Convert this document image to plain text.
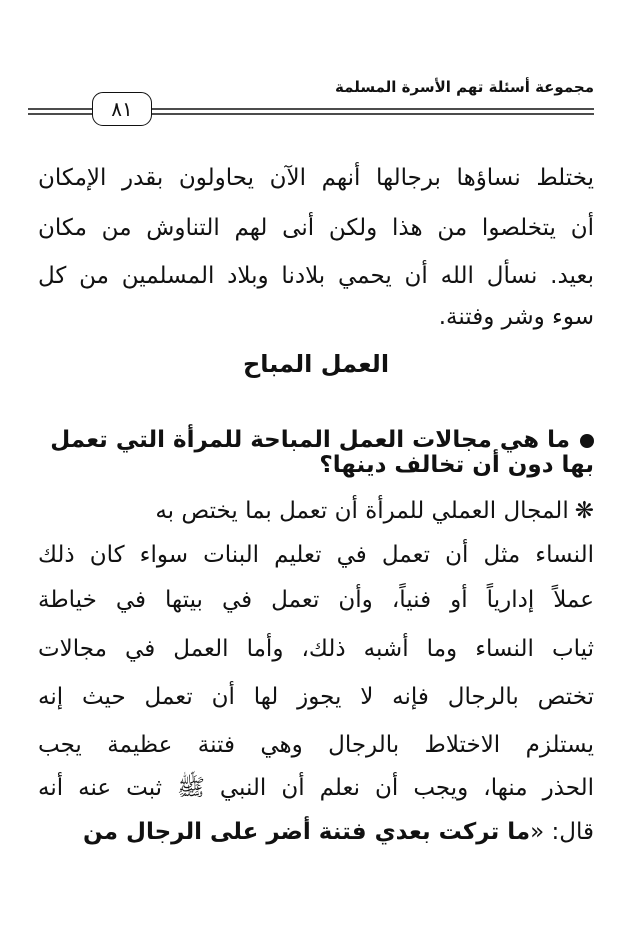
مجموعة أسئلة تهم الأسرة المسلمة
٨١
يختلط نساؤها برجالها أنهم الآن يحاولون بقدر الإمكان
أن يتخلصوا من هذا ولكن أنى لهم التناوش من مكان
بعيد. نسأل الله أن يحمي بلادنا وبلاد المسلمين من كل
سوء وشر وفتنة.
العمل المباح
ما هي مجالات العمل المباحة للمرأة التي تعمل
بها دون أن تخالف دينها؟
❋المجال العملي للمرأة أن تعمل بما يختص به
النساء مثل أن تعمل في تعليم البنات سواء كان ذلك
عملاً إدارياً أو فنياً، وأن تعمل في بيتها في خياطة
ثياب النساء وما أشبه ذلك، وأما العمل في مجالات
تختص بالرجال فإنه لا يجوز لها أن تعمل حيث إنه
يستلزم الاختلاط بالرجال وهي فتنة عظيمة يجب
الحذر منها، ويجب أن نعلم أن النبي ﷺ ثبت عنه أنه
قال: «ما تركت بعدي فتنة أضر على الرجال من
